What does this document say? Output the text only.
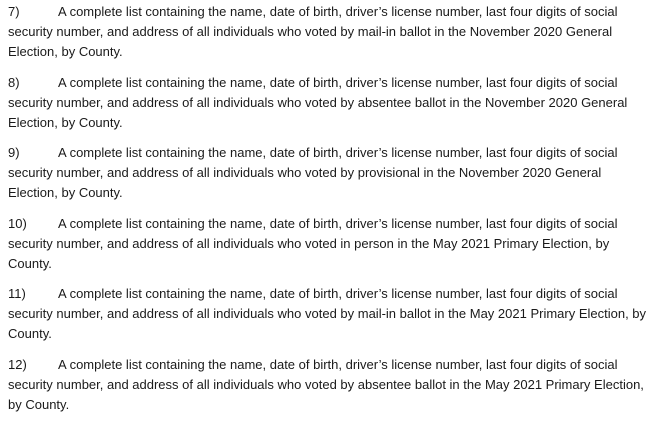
7)	A complete list containing the name, date of birth, driver’s license number, last four digits of social security number, and address of all individuals who voted by mail-in ballot in the November 2020 General Election, by County.

8)	A complete list containing the name, date of birth, driver’s license number, last four digits of social security number, and address of all individuals who voted by absentee ballot in the November 2020 General Election, by County.

9)	A complete list containing the name, date of birth, driver’s license number, last four digits of social security number, and address of all individuals who voted by provisional in the November 2020 General Election, by County.

10) A complete list containing the name, date of birth, driver’s license number, last four digits of social security number, and address of all individuals who voted in person in the May 2021 Primary Election, by County.

11) A complete list containing the name, date of birth, driver’s license number, last four digits of social security number, and address of all individuals who voted by mail-in ballot in the May 2021 Primary Election, by County.

12) A complete list containing the name, date of birth, driver’s license number, last four digits of social security number, and address of all individuals who voted by absentee ballot in the May 2021 Primary Election, by County.
